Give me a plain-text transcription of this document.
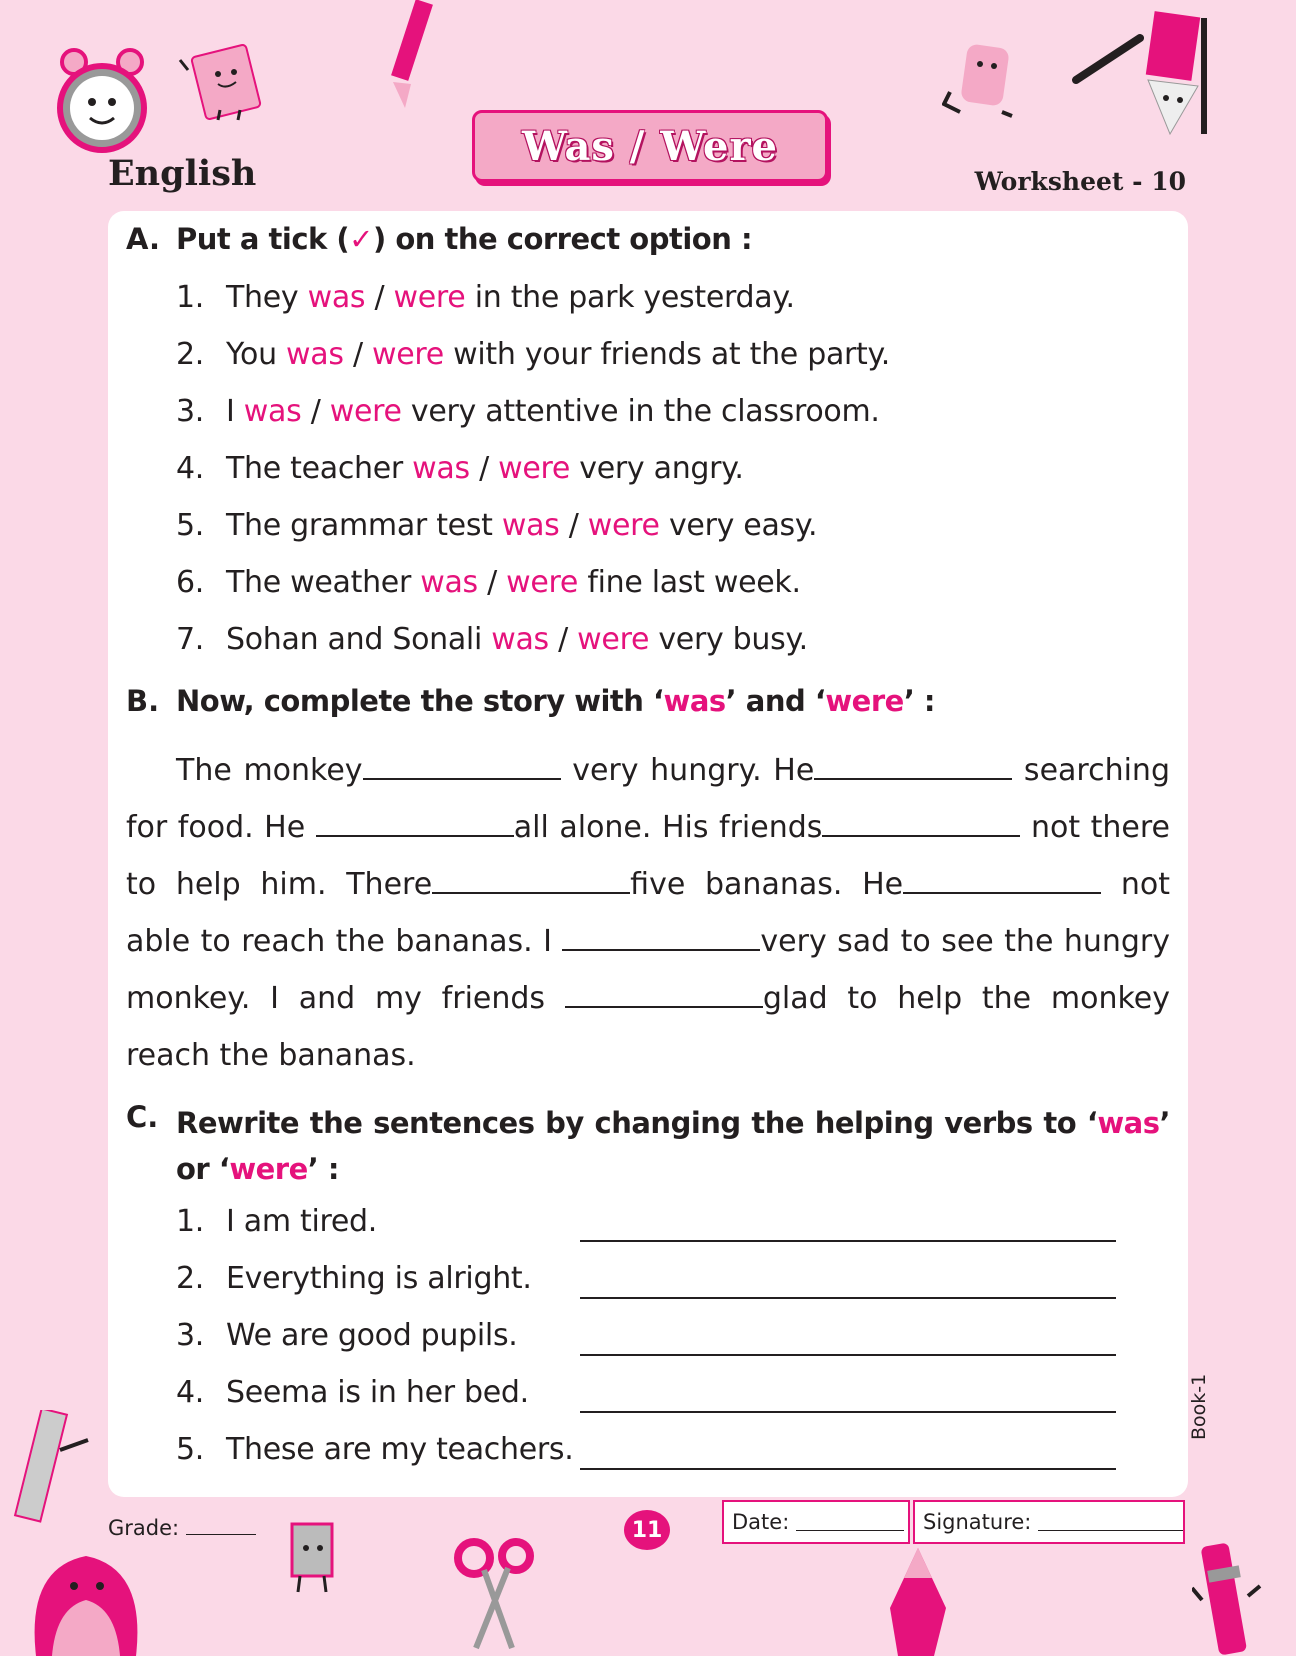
Was / Were
English	Worksheet - 10
A. Put a tick (✓) on the correct option :
1. They was / were in the park yesterday.
2. You was / were with your friends at the party.
3. I was / were very attentive in the classroom.
4. The teacher was / were very angry.
5. The grammar test was / were very easy.
6. The weather was / were fine last week.
7. Sohan and Sonali was / were very busy.
B. Now, complete the story with ‘was’ and ‘were’ :

The monkey	very hungry. He	searching for food. He	all alone. His friends	not there to help him. There	five bananas. He	not able to reach the bananas. I	very sad to see the hungry monkey. I and my friends	glad to help the monkey reach the bananas.

C. Rewrite the sentences by changing the helping verbs to ‘was’ or ‘were’ :
1. I am tired.
2. Everything is alright.
3. We are good pupils.
4. Seema is in her bed.
5. These are my teachers.
Grade:	11	Date:
	Signature:

Book-1
